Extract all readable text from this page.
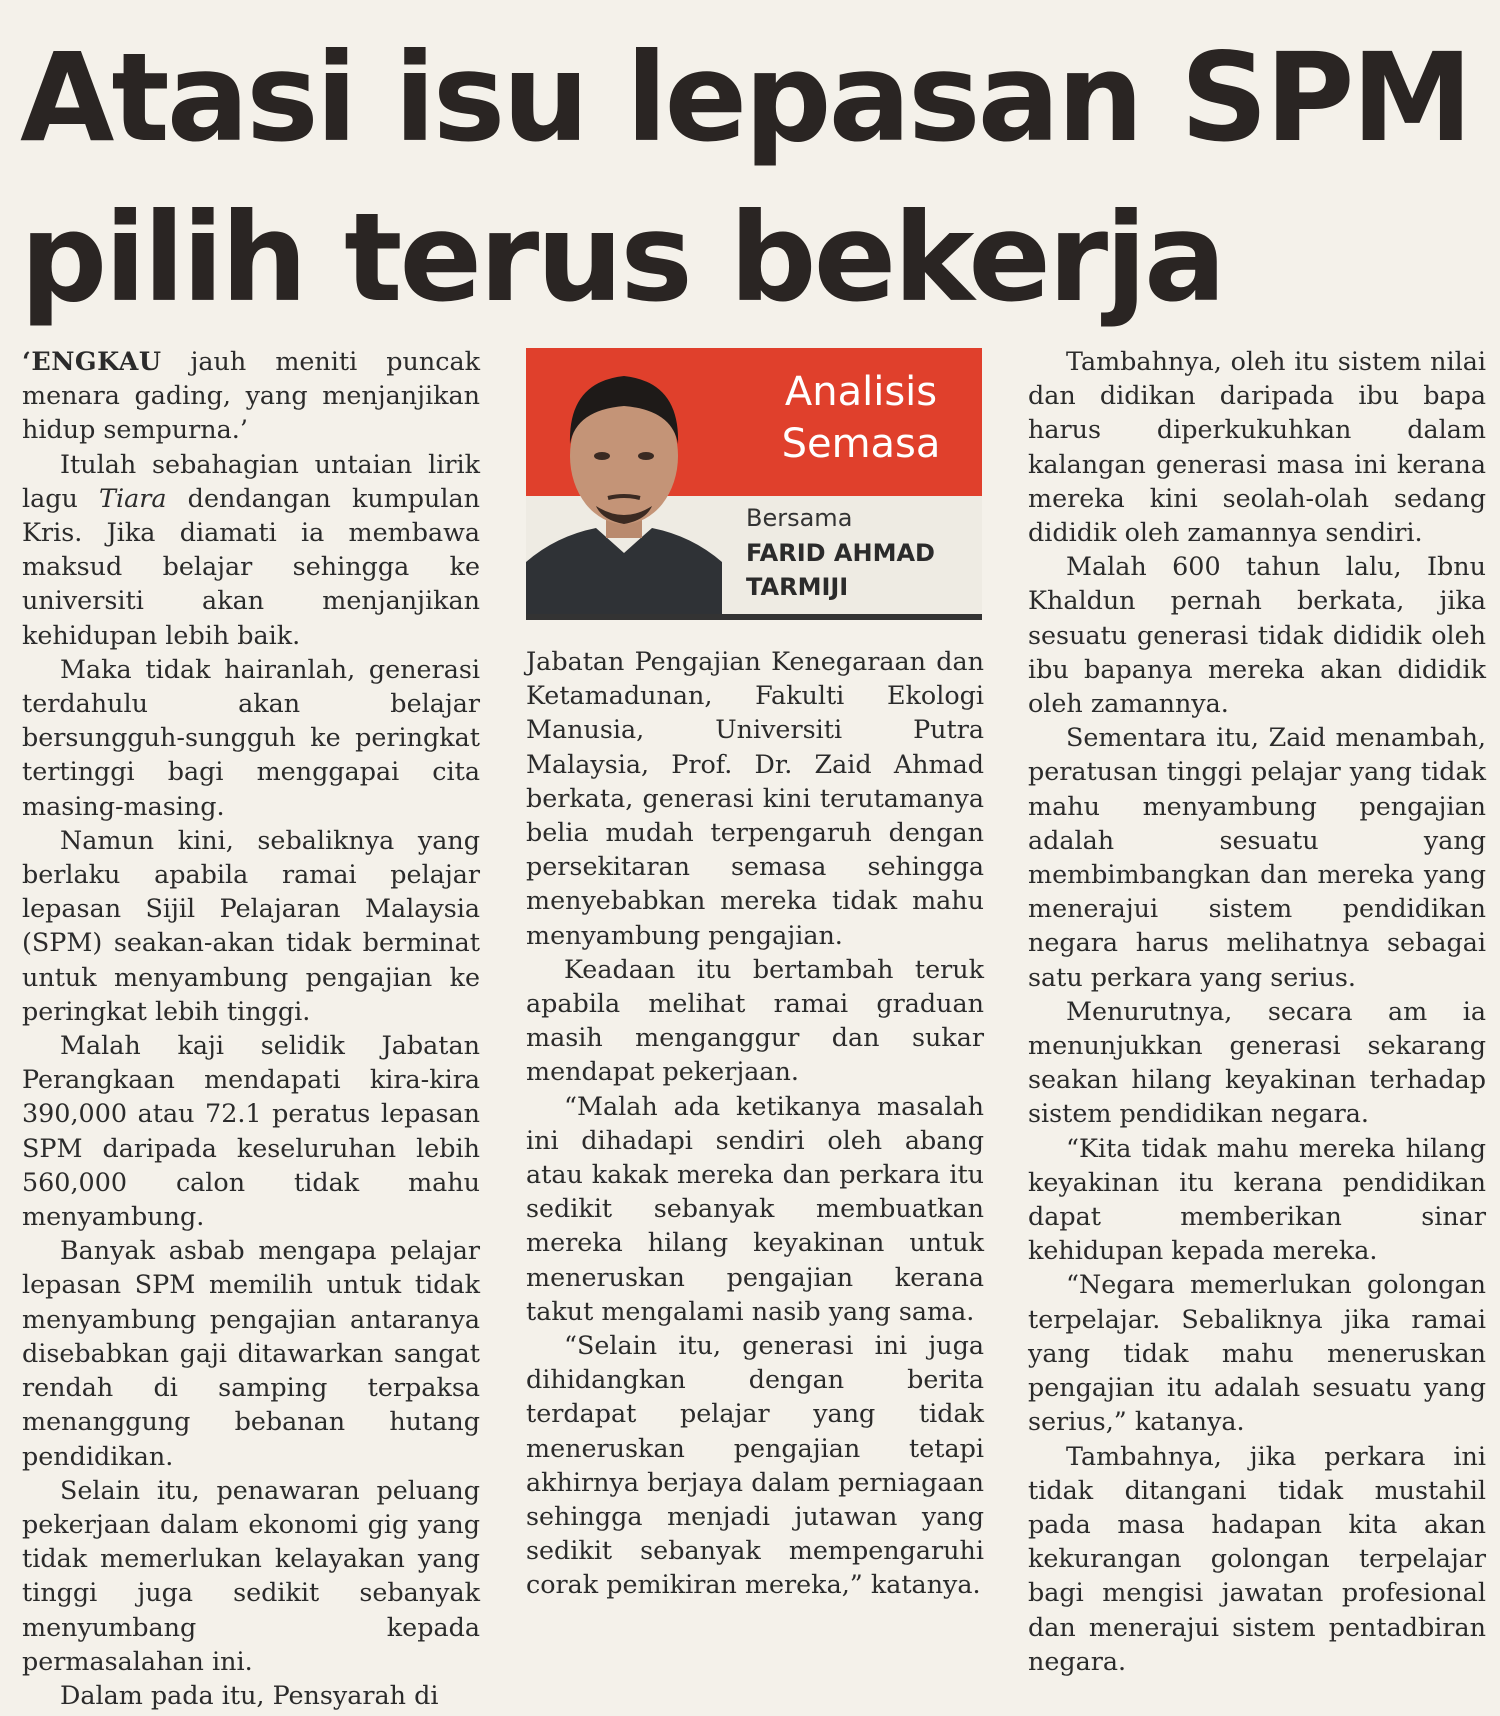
Atasi isu lepasan SPM
pilih terus bekerja

‘ENGKAU jauh meniti puncak menara gading, yang menjanjikan hidup sempurna.’

Itulah sebahagian untaian lirik lagu Tiara dendangan kumpulan Kris. Jika diamati ia membawa maksud belajar sehingga ke universiti akan menjanjikan kehidupan lebih baik.

Maka tidak hairanlah, generasi terdahulu akan belajar bersungguh-sungguh ke peringkat tertinggi bagi menggapai cita masing-masing.

Namun kini, sebaliknya yang berlaku apabila ramai pelajar lepasan Sijil Pelajaran Malaysia (SPM) seakan-akan tidak berminat untuk menyambung pengajian ke peringkat lebih tinggi.

Malah kaji selidik Jabatan Perangkaan mendapati kira-kira 390,000 atau 72.1 peratus lepasan SPM daripada keseluruhan lebih 560,000 calon tidak mahu menyambung.

Banyak asbab mengapa pelajar lepasan SPM memilih untuk tidak menyambung pengajian antaranya disebabkan gaji ditawarkan sangat rendah di samping terpaksa menanggung bebanan hutang pendidikan.

Selain itu, penawaran peluang pekerjaan dalam ekonomi gig yang tidak memerlukan kelayakan yang tinggi juga sedikit sebanyak menyumbang kepada permasalahan ini.

Dalam pada itu, Pensyarah di

Analisis
Semasa
Bersama
FARID AHMAD
TARMIJI

Jabatan Pengajian Kenegaraan dan Ketamadunan, Fakulti Ekologi Manusia, Universiti Putra Malaysia, Prof. Dr. Zaid Ahmad berkata, generasi kini terutamanya belia mudah terpengaruh dengan persekitaran semasa sehingga menyebabkan mereka tidak mahu menyambung pengajian.

Keadaan itu bertambah teruk apabila melihat ramai graduan masih menganggur dan sukar mendapat pekerjaan.

“Malah ada ketikanya masalah ini dihadapi sendiri oleh abang atau kakak mereka dan perkara itu sedikit sebanyak membuatkan mereka hilang keyakinan untuk meneruskan pengajian kerana takut mengalami nasib yang sama.

“Selain itu, generasi ini juga dihidangkan dengan berita terdapat pelajar yang tidak meneruskan pengajian tetapi akhirnya berjaya dalam perniagaan sehingga menjadi jutawan yang sedikit sebanyak mempengaruhi corak pemikiran mereka,” katanya.

Tambahnya, oleh itu sistem nilai dan didikan daripada ibu bapa harus diperkukuhkan dalam kalangan generasi masa ini kerana mereka kini seolah-olah sedang dididik oleh zamannya sendiri.

Malah 600 tahun lalu, Ibnu Khaldun pernah berkata, jika sesuatu generasi tidak dididik oleh ibu bapanya mereka akan dididik oleh zamannya.

Sementara itu, Zaid menambah, peratusan tinggi pelajar yang tidak mahu menyambung pengajian adalah sesuatu yang membimbangkan dan mereka yang menerajui sistem pendidikan negara harus melihatnya sebagai satu perkara yang serius.

Menurutnya, secara am ia menunjukkan generasi sekarang seakan hilang keyakinan terhadap sistem pendidikan negara.

“Kita tidak mahu mereka hilang keyakinan itu kerana pendidikan dapat memberikan sinar kehidupan kepada mereka.

“Negara memerlukan golongan terpelajar. Sebaliknya jika ramai yang tidak mahu meneruskan pengajian itu adalah sesuatu yang serius,” katanya.

Tambahnya, jika perkara ini tidak ditangani tidak mustahil pada masa hadapan kita akan kekurangan golongan terpelajar bagi mengisi jawatan profesional dan menerajui sistem pentadbiran negara.
